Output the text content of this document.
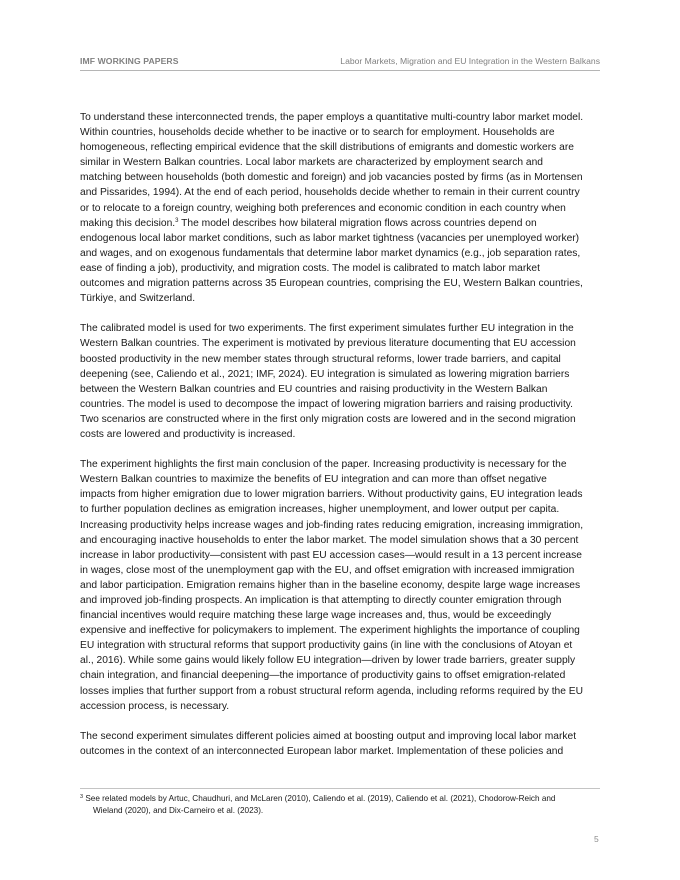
IMF WORKING PAPERS	Labor Markets, Migration and EU Integration in the Western Balkans

To understand these interconnected trends, the paper employs a quantitative multi-country labor market model.
Within countries, households decide whether to be inactive or to search for employment. Households are
homogeneous, reflecting empirical evidence that the skill distributions of emigrants and domestic workers are
similar in Western Balkan countries. Local labor markets are characterized by employment search and
matching between households (both domestic and foreign) and job vacancies posted by firms (as in Mortensen
and Pissarides, 1994). At the end of each period, households decide whether to remain in their current country
or to relocate to a foreign country, weighing both preferences and economic condition in each country when
making this decision.$^3$ The model describes how bilateral migration flows across countries depend on
endogenous local labor market conditions, such as labor market tightness (vacancies per unemployed worker)
and wages, and on exogenous fundamentals that determine labor market dynamics (e.g., job separation rates,
ease of finding a job), productivity, and migration costs. The model is calibrated to match labor market
outcomes and migration patterns across 35 European countries, comprising the EU, Western Balkan countries,
Türkiye, and Switzerland.

The calibrated model is used for two experiments. The first experiment simulates further EU integration in the
Western Balkan countries. The experiment is motivated by previous literature documenting that EU accession
boosted productivity in the new member states through structural reforms, lower trade barriers, and capital
deepening (see, Caliendo et al., 2021; IMF, 2024). EU integration is simulated as lowering migration barriers
between the Western Balkan countries and EU countries and raising productivity in the Western Balkan
countries. The model is used to decompose the impact of lowering migration barriers and raising productivity.
Two scenarios are constructed where in the first only migration costs are lowered and in the second migration
costs are lowered and productivity is increased.

The experiment highlights the first main conclusion of the paper. Increasing productivity is necessary for the
Western Balkan countries to maximize the benefits of EU integration and can more than offset negative
impacts from higher emigration due to lower migration barriers. Without productivity gains, EU integration leads
to further population declines as emigration increases, higher unemployment, and lower output per capita.
Increasing productivity helps increase wages and job-finding rates reducing emigration, increasing immigration,
and encouraging inactive households to enter the labor market. The model simulation shows that a 30 percent
increase in labor productivity—consistent with past EU accession cases—would result in a 13 percent increase
in wages, close most of the unemployment gap with the EU, and offset emigration with increased immigration
and labor participation. Emigration remains higher than in the baseline economy, despite large wage increases
and improved job-finding prospects. An implication is that attempting to directly counter emigration through
financial incentives would require matching these large wage increases and, thus, would be exceedingly
expensive and ineffective for policymakers to implement. The experiment highlights the importance of coupling
EU integration with structural reforms that support productivity gains (in line with the conclusions of Atoyan et
al., 2016). While some gains would likely follow EU integration—driven by lower trade barriers, greater supply
chain integration, and financial deepening—the importance of productivity gains to offset emigration-related
losses implies that further support from a robust structural reform agenda, including reforms required by the EU
accession process, is necessary.

The second experiment simulates different policies aimed at boosting output and improving local labor market
outcomes in the context of an interconnected European labor market. Implementation of these policies and

$^3$ See related models by Artuc, Chaudhuri, and McLaren (2010), Caliendo et al. (2019), Caliendo et al. (2021), Chodorow-Reich and
Wieland (2020), and Dix-Carneiro et al. (2023).
5
